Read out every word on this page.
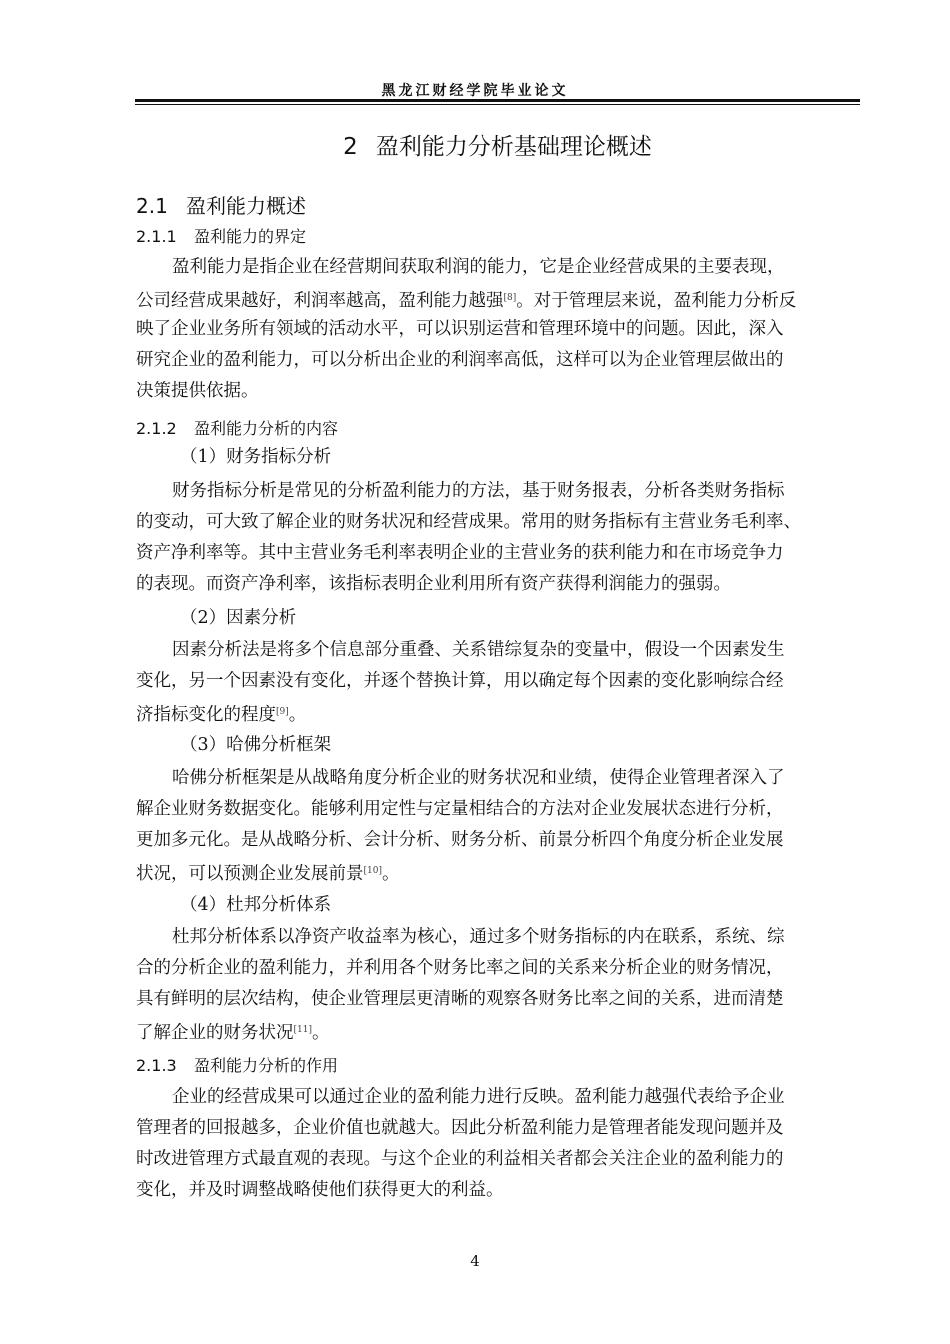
黑龙江财经学院毕业论文
2 盈利能力分析基础理论概述
2.1 盈利能力概述
2.1.1 盈利能力的界定
盈利能力是指企业在经营期间获取利润的能力，它是企业经营成果的主要表现，
公司经营成果越好，利润率越高，盈利能力越强[8]。对于管理层来说，盈利能力分析反
映了企业业务所有领域的活动水平，可以识别运营和管理环境中的问题。因此，深入
研究企业的盈利能力，可以分析出企业的利润率高低，这样可以为企业管理层做出的
决策提供依据。
2.1.2 盈利能力分析的内容
（1）财务指标分析
财务指标分析是常见的分析盈利能力的方法，基于财务报表，分析各类财务指标
的变动，可大致了解企业的财务状况和经营成果。常用的财务指标有主营业务毛利率、
资产净利率等。其中主营业务毛利率表明企业的主营业务的获利能力和在市场竞争力
的表现。而资产净利率，该指标表明企业利用所有资产获得利润能力的强弱。
（2）因素分析
因素分析法是将多个信息部分重叠、关系错综复杂的变量中，假设一个因素发生
变化，另一个因素没有变化，并逐个替换计算，用以确定每个因素的变化影响综合经
济指标变化的程度[9]。
（3）哈佛分析框架
哈佛分析框架是从战略角度分析企业的财务状况和业绩，使得企业管理者深入了
解企业财务数据变化。能够利用定性与定量相结合的方法对企业发展状态进行分析，
更加多元化。是从战略分析、会计分析、财务分析、前景分析四个角度分析企业发展
状况，可以预测企业发展前景[10]。
（4）杜邦分析体系
杜邦分析体系以净资产收益率为核心，通过多个财务指标的内在联系，系统、综
合的分析企业的盈利能力，并利用各个财务比率之间的关系来分析企业的财务情况，
具有鲜明的层次结构，使企业管理层更清晰的观察各财务比率之间的关系，进而清楚
了解企业的财务状况[11]。
2.1.3 盈利能力分析的作用
企业的经营成果可以通过企业的盈利能力进行反映。盈利能力越强代表给予企业
管理者的回报越多，企业价值也就越大。因此分析盈利能力是管理者能发现问题并及
时改进管理方式最直观的表现。与这个企业的利益相关者都会关注企业的盈利能力的
变化，并及时调整战略使他们获得更大的利益。
4
